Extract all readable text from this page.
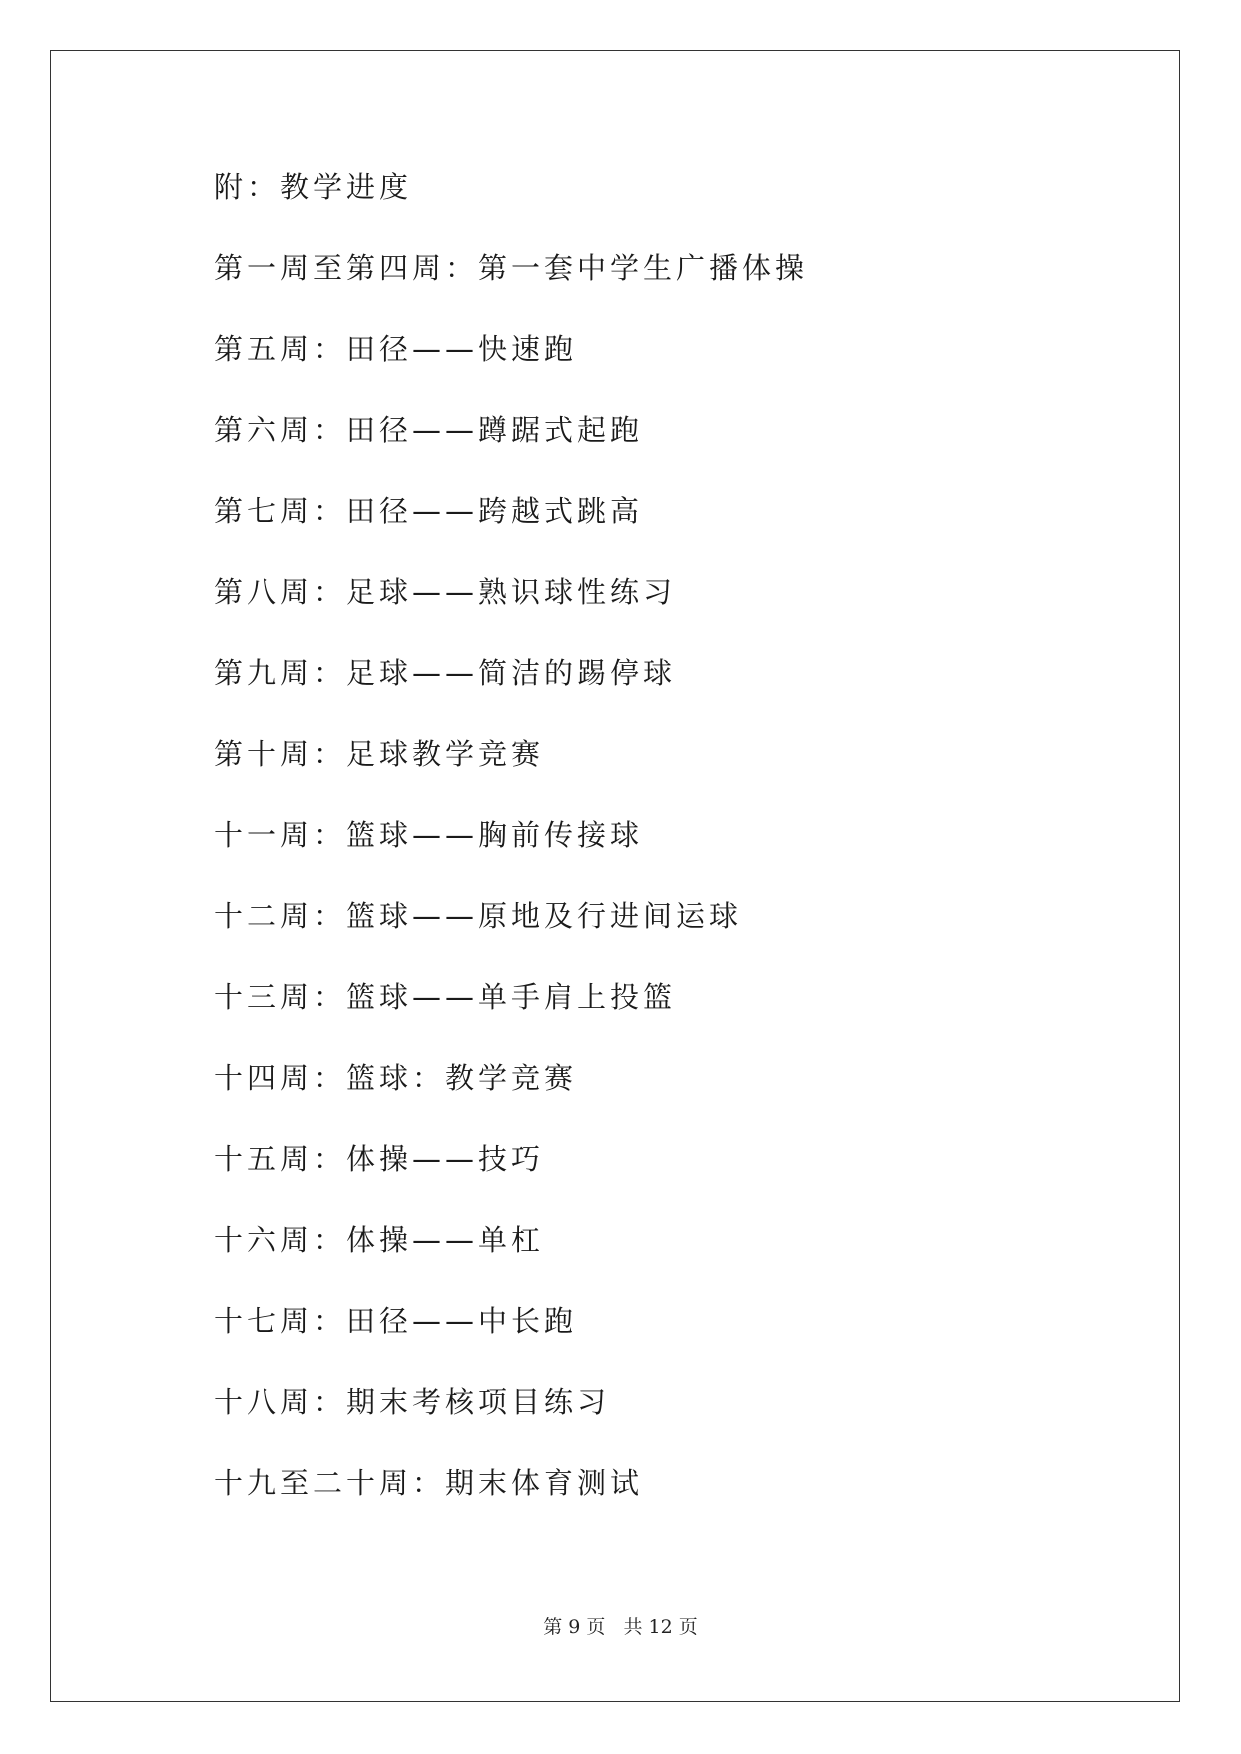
附：教学进度
第一周至第四周：第一套中学生广播体操
第五周：田径——快速跑
第六周：田径——蹲踞式起跑
第七周：田径——跨越式跳高
第八周：足球——熟识球性练习
第九周：足球——简洁的踢停球
第十周：足球教学竞赛
十一周：篮球——胸前传接球
十二周：篮球——原地及行进间运球
十三周：篮球——单手肩上投篮
十四周：篮球：教学竞赛
十五周：体操——技巧
十六周：体操——单杠
十七周：田径——中长跑
十八周：期末考核项目练习
十九至二十周：期末体育测试
第 9 页   共 12 页
